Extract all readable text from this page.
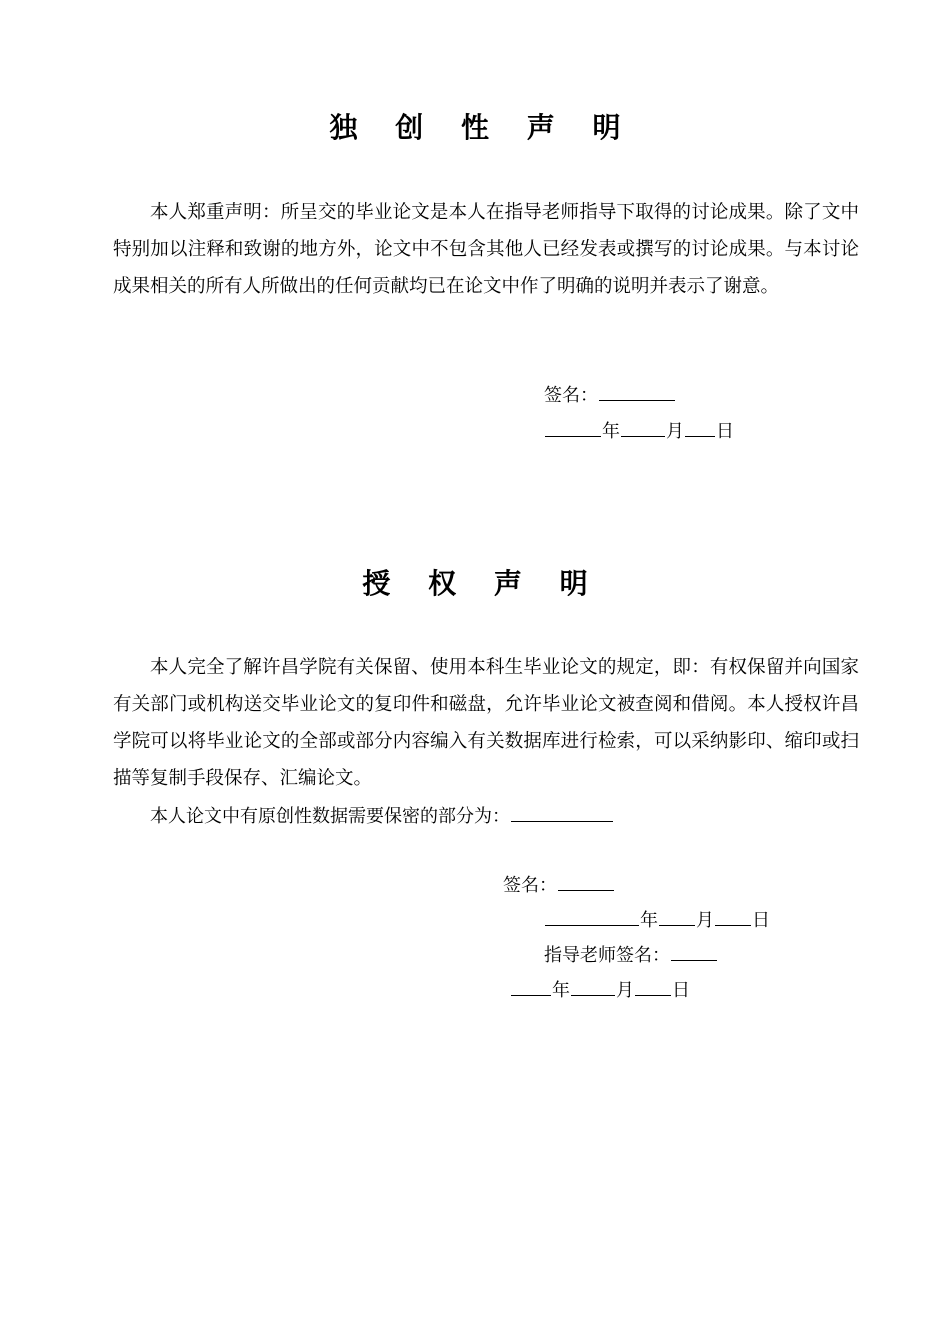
独 创 性 声 明

本人郑重声明：所呈交的毕业论文是本人在指导老师指导下取得的讨论成果。除了文中特别加以注释和致谢的地方外，论文中不包含其他人已经发表或撰写的讨论成果。与本讨论成果相关的所有人所做出的任何贡献均已在论文中作了明确的说明并表示了谢意。

签名：
年	月 日
授 权 声 明

本人完全了解许昌学院有关保留、使用本科生毕业论文的规定，即：有权保留并向国家有关部门或机构送交毕业论文的复印件和磁盘，允许毕业论文被查阅和借阅。本人授权许昌学院可以将毕业论文的全部或部分内容编入有关数据库进行检索，可以采纳影印、缩印或扫描等复制手段保存、汇编论文。

本人论文中有原创性数据需要保密的部分为：
签名：
年 月 日
指导老师签名：
年	月 日
